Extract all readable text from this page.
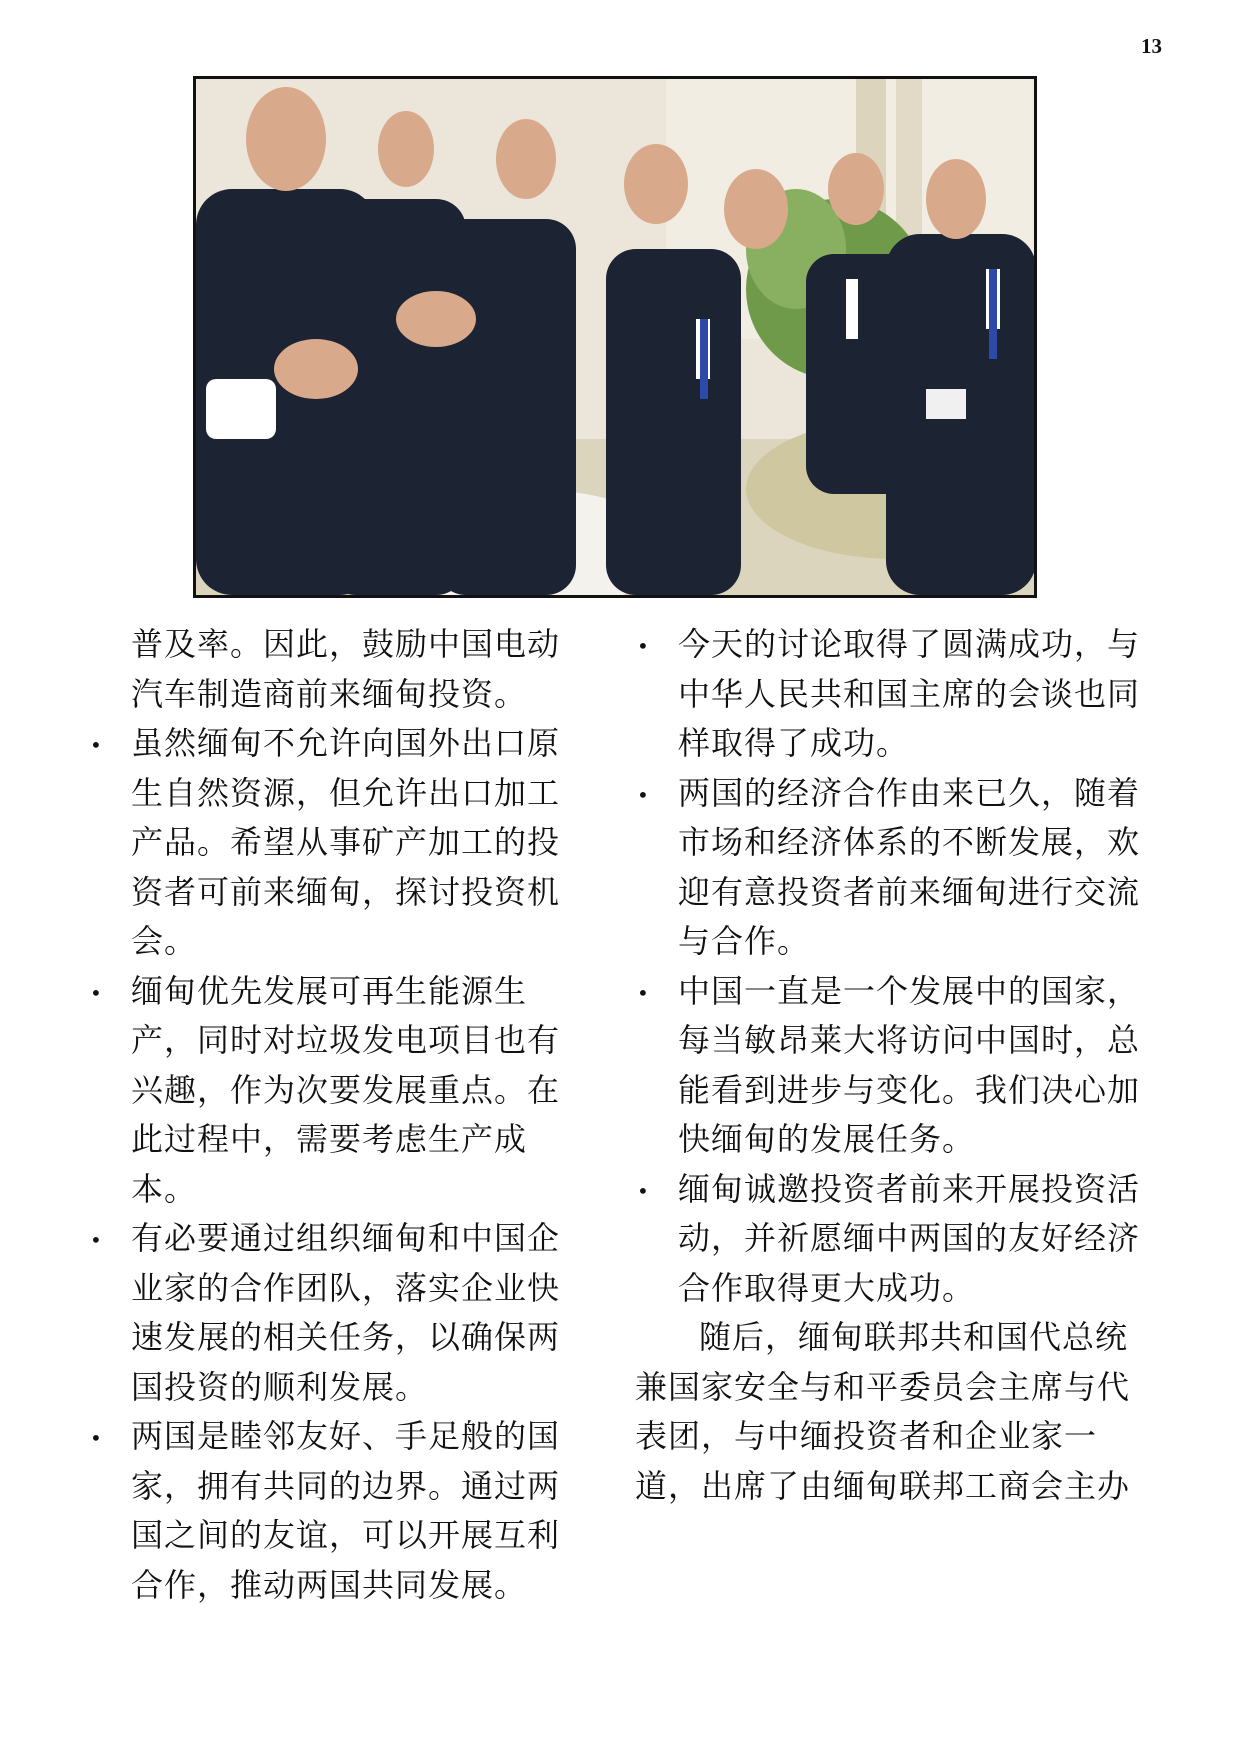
13
普及率。因此，鼓励中国电动汽车制造商前来缅甸投资。
• 虽然缅甸不允许向国外出口原生自然资源，但允许出口加工产品。希望从事矿产加工的投资者可前来缅甸，探讨投资机会。
• 缅甸优先发展可再生能源生产，同时对垃圾发电项目也有兴趣，作为次要发展重点。在此过程中，需要考虑生产成本。
• 有必要通过组织缅甸和中国企业家的合作团队，落实企业快速发展的相关任务，以确保两国投资的顺利发展。
• 两国是睦邻友好、手足般的国家，拥有共同的边界。通过两国之间的友谊，可以开展互利合作，推动两国共同发展。
• 今天的讨论取得了圆满成功，与中华人民共和国主席的会谈也同样取得了成功。
• 两国的经济合作由来已久，随着市场和经济体系的不断发展，欢迎有意投资者前来缅甸进行交流与合作。
• 中国一直是一个发展中的国家，每当敏昂莱大将访问中国时，总能看到进步与变化。我们决心加快缅甸的发展任务。
• 缅甸诚邀投资者前来开展投资活动，并祈愿缅中两国的友好经济合作取得更大成功。

随后，缅甸联邦共和国代总统兼国家安全与和平委员会主席与代表团，与中缅投资者和企业家一道，出席了由缅甸联邦工商会主办
